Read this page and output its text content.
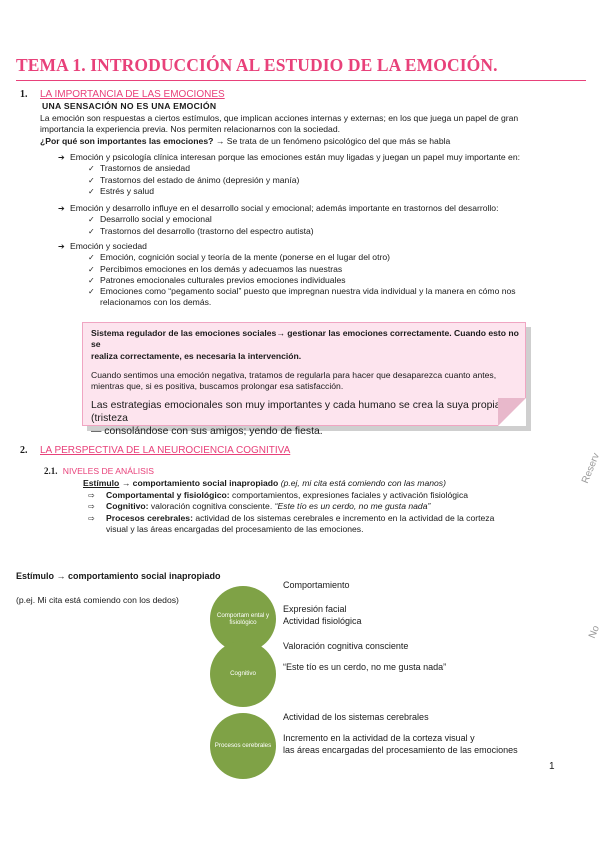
TEMA 1. INTRODUCCIÓN AL ESTUDIO DE LA EMOCIÓN.
1. LA IMPORTANCIA DE LAS EMOCIONES
UNA SENSACIÓN NO ES UNA EMOCIÓN
La emoción son respuestas a ciertos estímulos, que implican acciones internas y externas; en los que juega un papel de gran
importancia la experiencia previa. Nos permiten relacionarnos con la sociedad.
¿Por qué son importantes las emociones? → Se trata de un fenómeno psicológico del que más se habla
➔ Emoción y psicología clínica interesan porque las emociones están muy ligadas y juegan un papel muy importante en:
✓ Trastornos de ansiedad
✓ Trastornos del estado de ánimo (depresión y manía)
✓ Estrés y salud
➔ Emoción y desarrollo influye en el desarrollo social y emocional; además importante en trastornos del desarrollo:
✓ Desarrollo social y emocional
✓ Trastornos del desarrollo (trastorno del espectro autista)
➔ Emoción y sociedad
✓ Emoción, cognición social y teoría de la mente (ponerse en el lugar del otro)
✓ Percibimos emociones en los demás y adecuamos las nuestras
✓ Patrones emocionales culturales previos emociones individuales
✓ Emociones como “pegamento social” puesto que impregnan nuestra vida individual y la manera en cómo nos
relacionamos con los demás.

Sistema regulador de las emociones sociales→ gestionar las emociones correctamente. Cuando esto no se

realiza correctamente, es necesaria la intervención.

Cuando sentimos una emoción negativa, tratamos de regularla para hacer que desaparezca cuanto antes,

mientras que, si es positiva, buscamos prolongar esa satisfacción.

Las estrategias emocionales son muy importantes y cada humano se crea la suya propia. (tristeza

— consolándose con sus amigos; yendo de fiesta.

2. LA PERSPECTIVA DE LA NEUROCIENCIA COGNITIVA
2.1. NIVELES DE ANÁLISIS
Estímulo → comportamiento social inapropiado (p.ej, mi cita está comiendo con las manos)
⇨	Comportamental y fisiológico: comportamientos, expresiones faciales y activación fisiológica
⇨	Cognitivo: valoración cognitiva consciente. “Este tío es un cerdo, no me gusta nada”
⇨	Procesos cerebrales: actividad de los sistemas cerebrales e incremento en la actividad de la corteza
visual y las áreas encargadas del procesamiento de las emociones.
Estímulo → comportamiento social inapropiado
(p.ej. Mi cita está comiendo con los dedos)
Comportam ental y fisiológico
Cognitivo
Procesos cerebrales
Comportamiento
Expresión facial
Actividad fisiológica
Valoración cognitiva consciente
“Este tío es un cerdo, no me gusta nada”
Actividad de los sistemas cerebrales
Incremento en la actividad de la corteza visual y
las áreas encargadas del procesamiento de las emociones
Reserv
No
1
